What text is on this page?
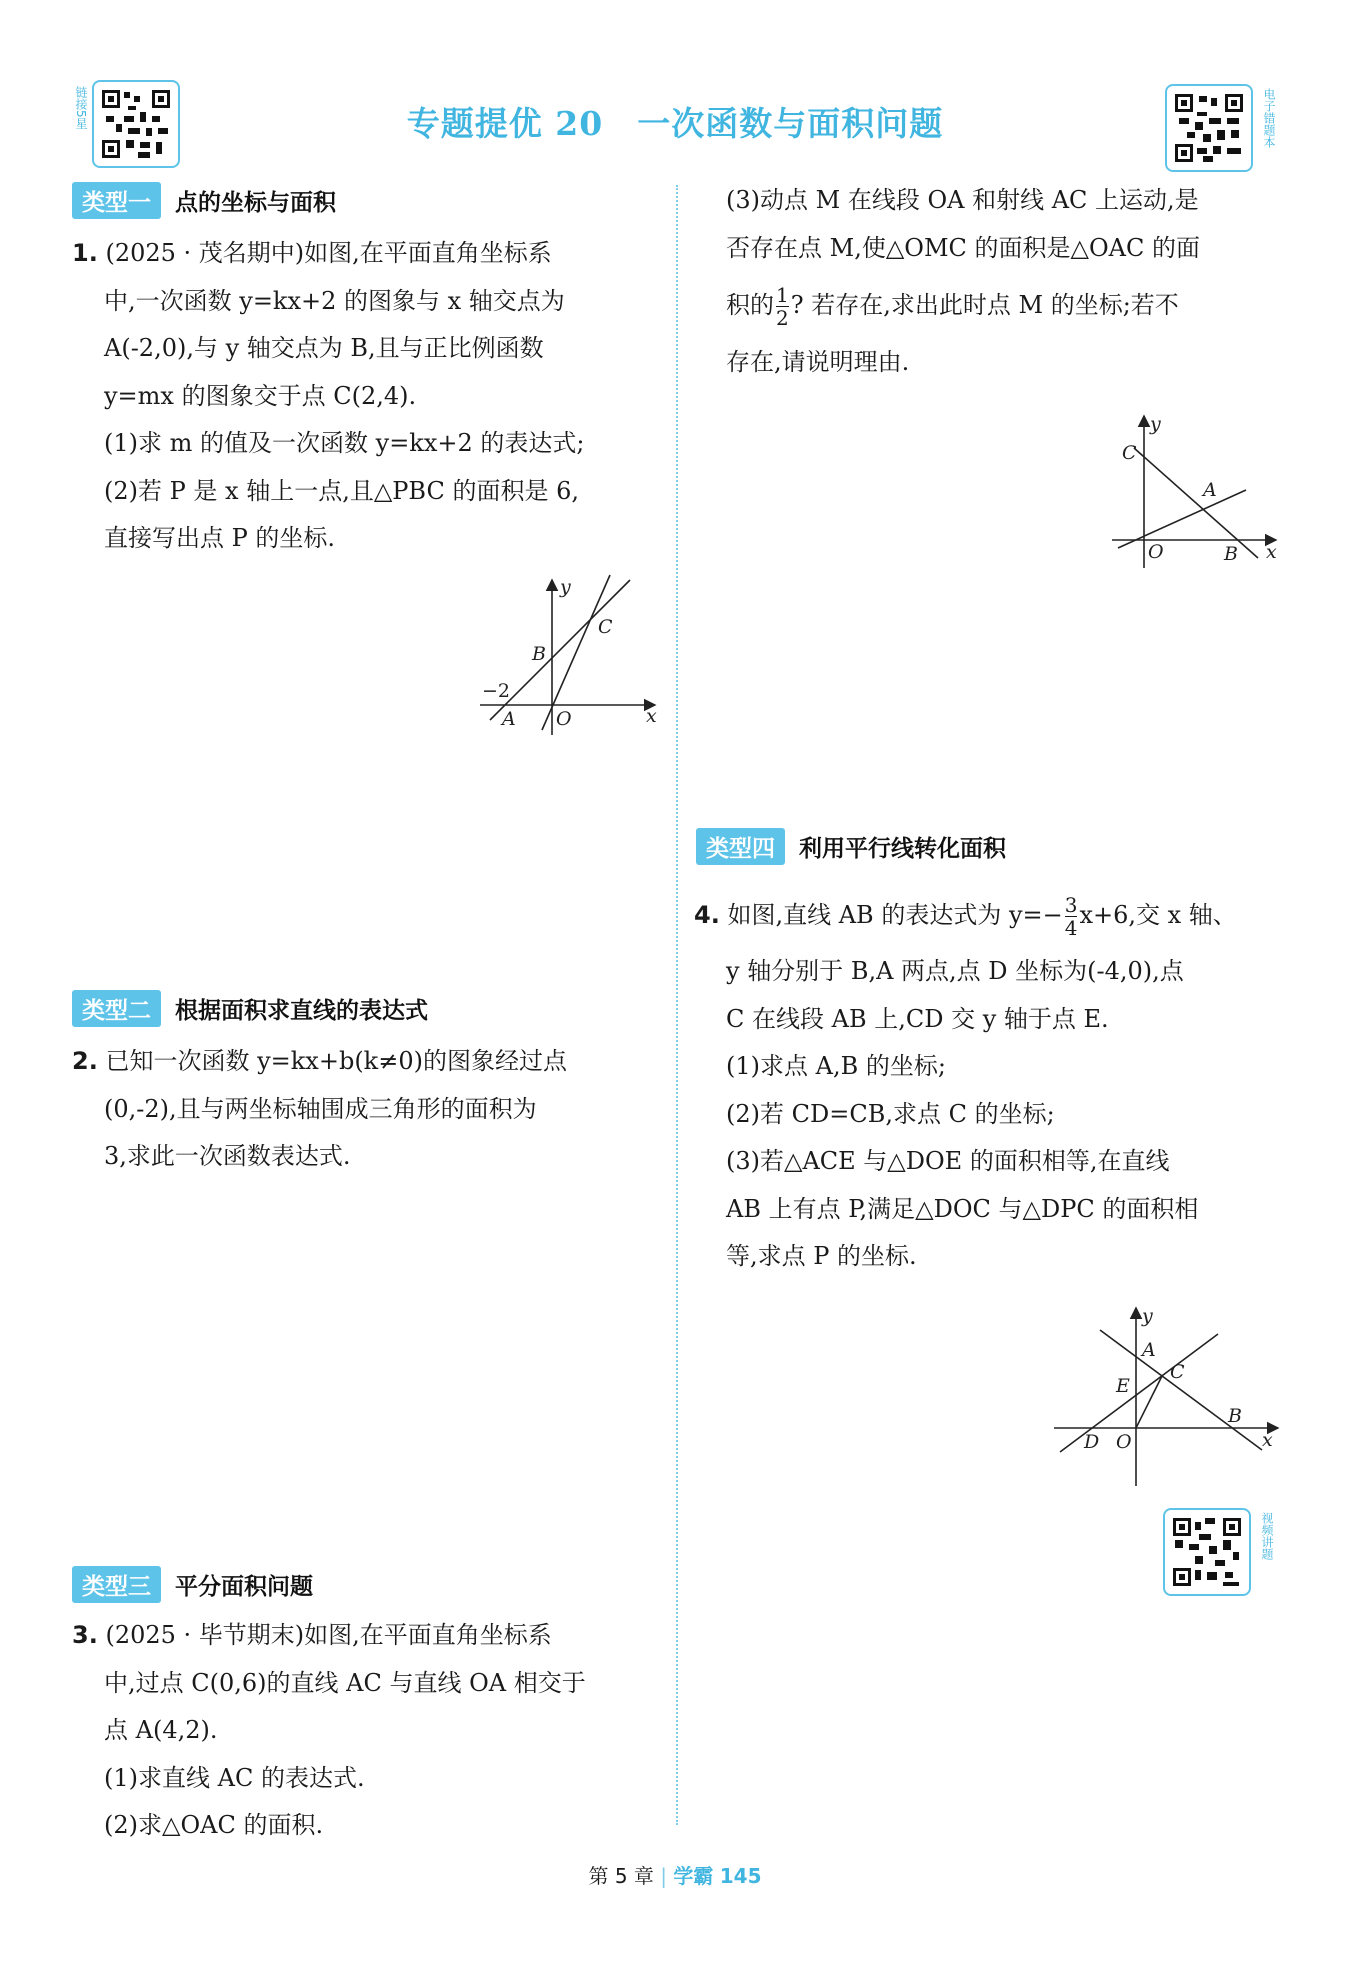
链接5星	电子错题本
视频讲题
专题提优 20　一次函数与面积问题
类型一 点的坐标与面积
1. (2025 · 茂名期中)如图,在平面直角坐标系
中,一次函数 y=kx+2 的图象与 x 轴交点为
A(-2,0),与 y 轴交点为 B,且与正比例函数
y=mx 的图象交于点 C(2,4).
(1)求 m 的值及一次函数 y=kx+2 的表达式;
(2)若 P 是 x 轴上一点,且△PBC 的面积是 6,
直接写出点 P 的坐标.
y
x
C
B
−2
A O
类型二 根据面积求直线的表达式
2. 已知一次函数 y=kx+b(k≠0)的图象经过点
(0,-2),且与两坐标轴围成三角形的面积为
3,求此一次函数表达式.
类型三 平分面积问题
3. (2025 · 毕节期末)如图,在平面直角坐标系
中,过点 C(0,6)的直线 AC 与直线 OA 相交于
点 A(4,2).
(1)求直线 AC 的表达式.
(2)求△OAC 的面积.
(3)动点 M 在线段 OA 和射线 AC 上运动,是
否存在点 M,使△OMC 的面积是△OAC 的面
积的 $\frac{1}{2}$ ? 若存在,求出此时点 M 的坐标;若不
存在,请说明理由.
y
C
A
O	B x
类型四 利用平行线转化面积
4. 如图,直线 AB 的表达式为 $y=- \frac{3}{4} x+6$,交 x 轴、
y 轴分别于 B,A 两点,点 D 坐标为(-4,0),点
C 在线段 AB 上,CD 交 y 轴于点 E.
(1)求点 A,B 的坐标;
(2)若 CD=CB,求点 C 的坐标;
(3)若△ACE 与△DOE 的面积相等,在直线
AB 上有点 P,满足△DOC 与△DPC 的面积相
等,求点 P 的坐标.
y
A
C
E
B
D O	x
第 5 章 | 学霸 145
